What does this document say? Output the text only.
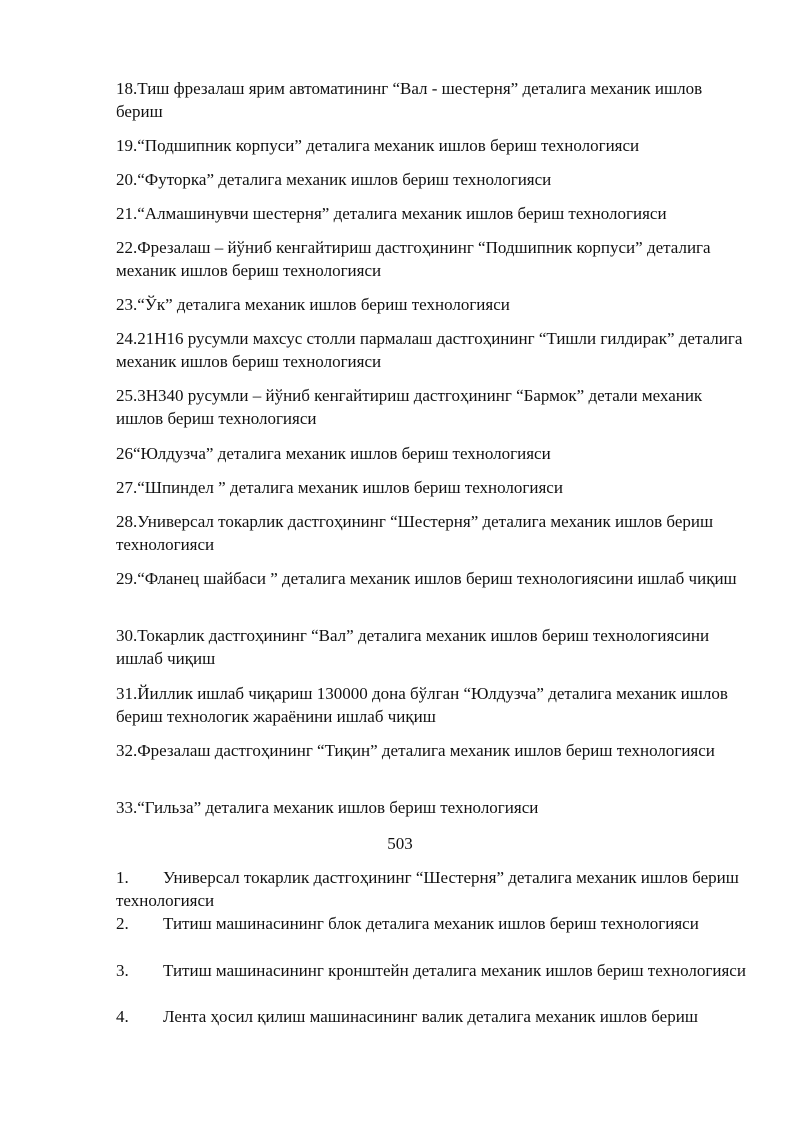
18.Тиш фрезалаш ярим автоматининг “Вал - шестерня” деталига механик ишлов бериш

19.“Подшипник корпуси” деталига механик ишлов бериш технологияси

20.“Футорка” деталига механик ишлов бериш технологияси

21.“Алмашинувчи шестерня” деталига механик ишлов бериш технологияси

22.Фрезалаш – йўниб кенгайтириш дастгоҳининг “Подшипник корпуси” деталига механик ишлов бериш технологияси

23.“Ўк” деталига механик ишлов бериш технологияси

24.21Н16 русумли махсус столли пармалаш дастгоҳининг “Тишли гилдирак” деталига механик ишлов бериш технологияси

25.3Н340 русумли – йўниб кенгайтириш дастгоҳининг “Бармок” детали механик ишлов бериш технологияси

26“Юлдузча” деталига механик ишлов бериш технологияси

27.“Шпиндел ” деталига механик ишлов бериш технологияси

28.Универсал токарлик дастгоҳининг “Шестерня” деталига механик ишлов бериш технологияси

29.“Фланец шайбаси ” деталига механик ишлов бериш технологиясини ишлаб чиқиш

30.Токарлик дастгоҳининг “Вал” деталига механик ишлов бериш технологиясини ишлаб чиқиш

31.Йиллик ишлаб чиқариш 130000 дона бўлган “Юлдузча” деталига механик ишлов бериш технологик жараёнини ишлаб чиқиш

32.Фрезалаш дастгоҳининг “Тиқин” деталига механик ишлов бериш технологияси

33.“Гильза” деталига механик ишлов бериш технологияси

503

1. Универсал токарлик дастгоҳининг “Шестерня” деталига механик ишлов бериш технологияси

2. Титиш машинасининг блок деталига механик ишлов бериш технологияси

3. Титиш машинасининг кронштейн деталига механик ишлов бериш технологияси

4. Лента ҳосил қилиш машинасининг валик деталига механик ишлов бериш
